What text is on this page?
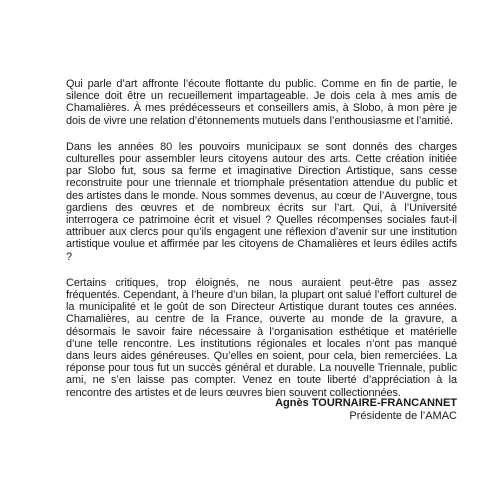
Qui parle d’art affronte l’écoute flottante du public. Comme en fin de partie, le silence doit être un recueillement impartageable. Je dois cela à mes amis de Chamalières. À mes prédécesseurs et conseillers amis, à Slobo, à mon père je dois de vivre une relation d’étonnements mutuels dans l’enthousiasme et l’amitié.

Dans les années 80 les pouvoirs municipaux se sont donnés des charges culturelles pour assembler leurs citoyens autour des arts. Cette création initiée par Slobo fut, sous sa ferme et imaginative Direction Artistique, sans cesse reconstruite pour une triennale et triomphale présentation attendue du public et des artistes dans le monde. Nous sommes devenus, au cœur de l’Auvergne, tous gardiens des œuvres et de nombreux écrits sur l’art. Qui, à l’Université interrogera ce patrimoine écrit et visuel ? Quelles récompenses sociales faut-il attribuer aux clercs pour qu’ils engagent une réflexion d’avenir sur une institution artistique voulue et affirmée par les citoyens de Chamalières et leurs édiles actifs ?

Certains critiques, trop éloignés, ne nous auraient peut-être pas assez fréquentés. Cependant, à l’heure d’un bilan, la plupart ont salué l’effort culturel de la municipalité et le goût de son Directeur Artistique durant toutes ces années. Chamalières, au centre de la France, ouverte au monde de la gravure, a désormais le savoir faire nécessaire à l’organisation esthétique et matérielle d’une telle rencontre. Les institutions régionales et locales n’ont pas manqué dans leurs aides généreuses. Qu’elles en soient, pour cela, bien remerciées. La réponse pour tous fut un succès général et durable. La nouvelle Triennale, public ami, ne s’en laisse pas compter. Venez en toute liberté d’appréciation à la rencontre des artistes et de leurs œuvres bien souvent collectionnées.

Agnès TOURNAIRE-FRANCANNET
Présidente de l’AMAC
